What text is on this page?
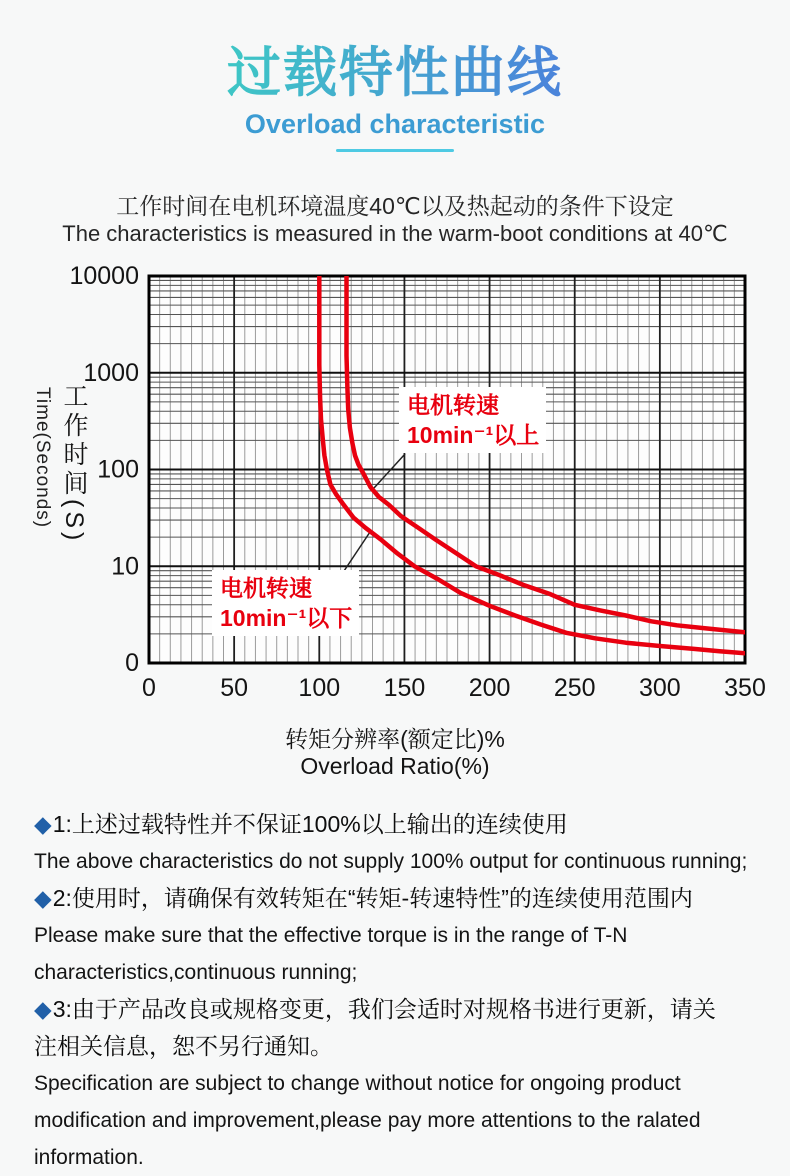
过载特性曲线
Overload characteristic
工作时间在电机环境温度40℃以及热起动的条件下设定
The characteristics is measured in the warm-boot conditions at 40℃
0	50 100 150 200 250 300 350
10000
1000
100
10
0
工作时间(S)
Time(Seconds)
转矩分辨率(额定比)%
Overload Ratio(%)
电机转速
10min⁻¹以上
电机转速
10min⁻¹以下
◆1:上述过载特性并不保证100%以上输出的连续使用
The above characteristics do not supply 100% output for continuous running;
◆2:使用时，请确保有效转矩在“转矩-转速特性”的连续使用范围内
Please make sure that the effective torque is in the range of T-N
characteristics,continuous running;
◆3:由于产品改良或规格变更，我们会适时对规格书进行更新，请关
注相关信息，恕不另行通知。
Specification are subject to change without notice for ongoing product
modification and improvement,please pay more attentions to the ralated
information.
